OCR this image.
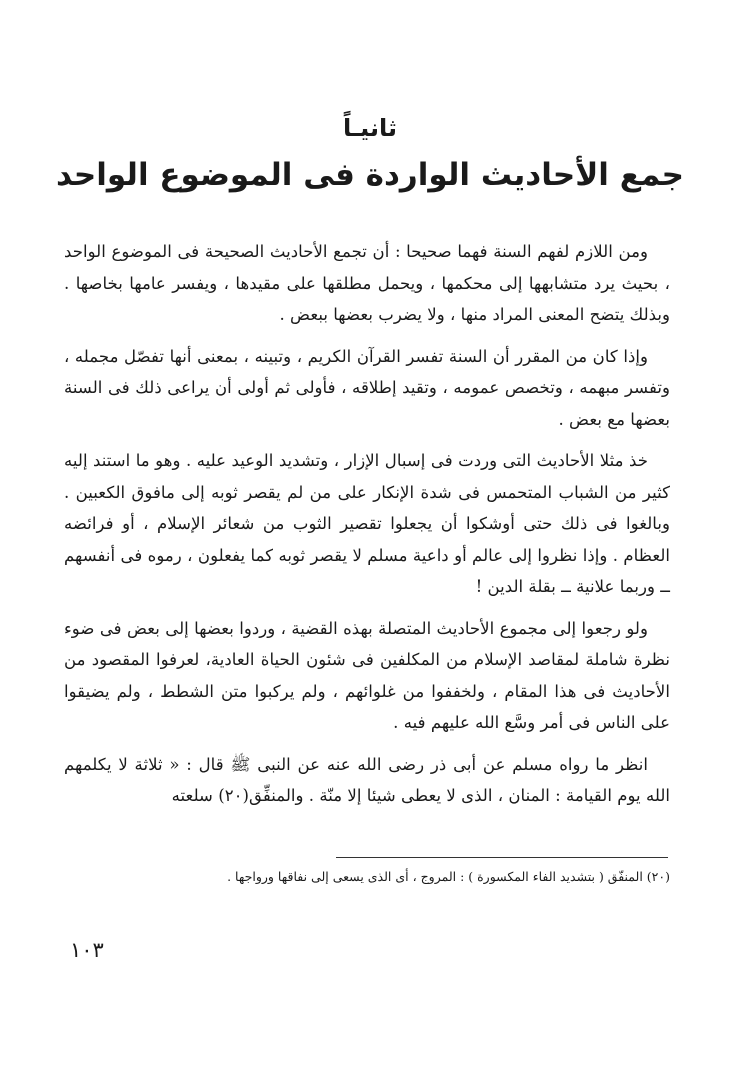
ثانيـاً
جمع الأحاديث الواردة فى الموضوع الواحد

ومن اللازم لفهم السنة فهما صحيحا : أن تجمع الأحاديث الصحيحة فى الموضوع الواحد ، بحيث يرد متشابهها إلى محكمها ، ويحمل مطلقها على مقيدها ، ويفسر عامها بخاصها . وبذلك يتضح المعنى المراد منها ، ولا يضرب بعضها ببعض .

وإذا كان من المقرر أن السنة تفسر القرآن الكريم ، وتبينه ، بمعنى أنها تفصّل مجمله ، وتفسر مبهمه ، وتخصص عمومه ، وتقيد إطلاقه ، فأولى ثم أولى أن يراعى ذلك فى السنة بعضها مع بعض .

خذ مثلا الأحاديث التى وردت فى إسبال الإزار ، وتشديد الوعيد عليه . وهو ما استند إليه كثير من الشباب المتحمس فى شدة الإنكار على من لم يقصر ثوبه إلى مافوق الكعبين . وبالغوا فى ذلك حتى أوشكوا أن يجعلوا تقصير الثوب من شعائر الإسلام ، أو فرائضه العظام . وإذا نظروا إلى عالم أو داعية مسلم لا يقصر ثوبه كما يفعلون ، رموه فى أنفسهم ــ وربما علانية ــ بقلة الدين !

ولو رجعوا إلى مجموع الأحاديث المتصلة بهذه القضية ، وردوا بعضها إلى بعض فى ضوء نظرة شاملة لمقاصد الإسلام من المكلفين فى شئون الحياة العادية، لعرفوا المقصود من الأحاديث فى هذا المقام ، ولخففوا من غلوائهم ، ولم يركبوا متن الشطط ، ولم يضيقوا على الناس فى أمر وسَّع الله عليهم فيه .

انظر ما رواه مسلم عن أبى ذر رضى الله عنه عن النبى ﷺ قال : « ثلاثة لا يكلمهم الله يوم القيامة : المنان ، الذى لا يعطى شيئا إلا منّة . والمنفِّق(٢٠) سلعته

(٢٠) المنفّق ( بتشديد الفاء المكسورة ) : المروج ، أى الذى يسعى إلى نفاقها ورواجها .
١٠٣
